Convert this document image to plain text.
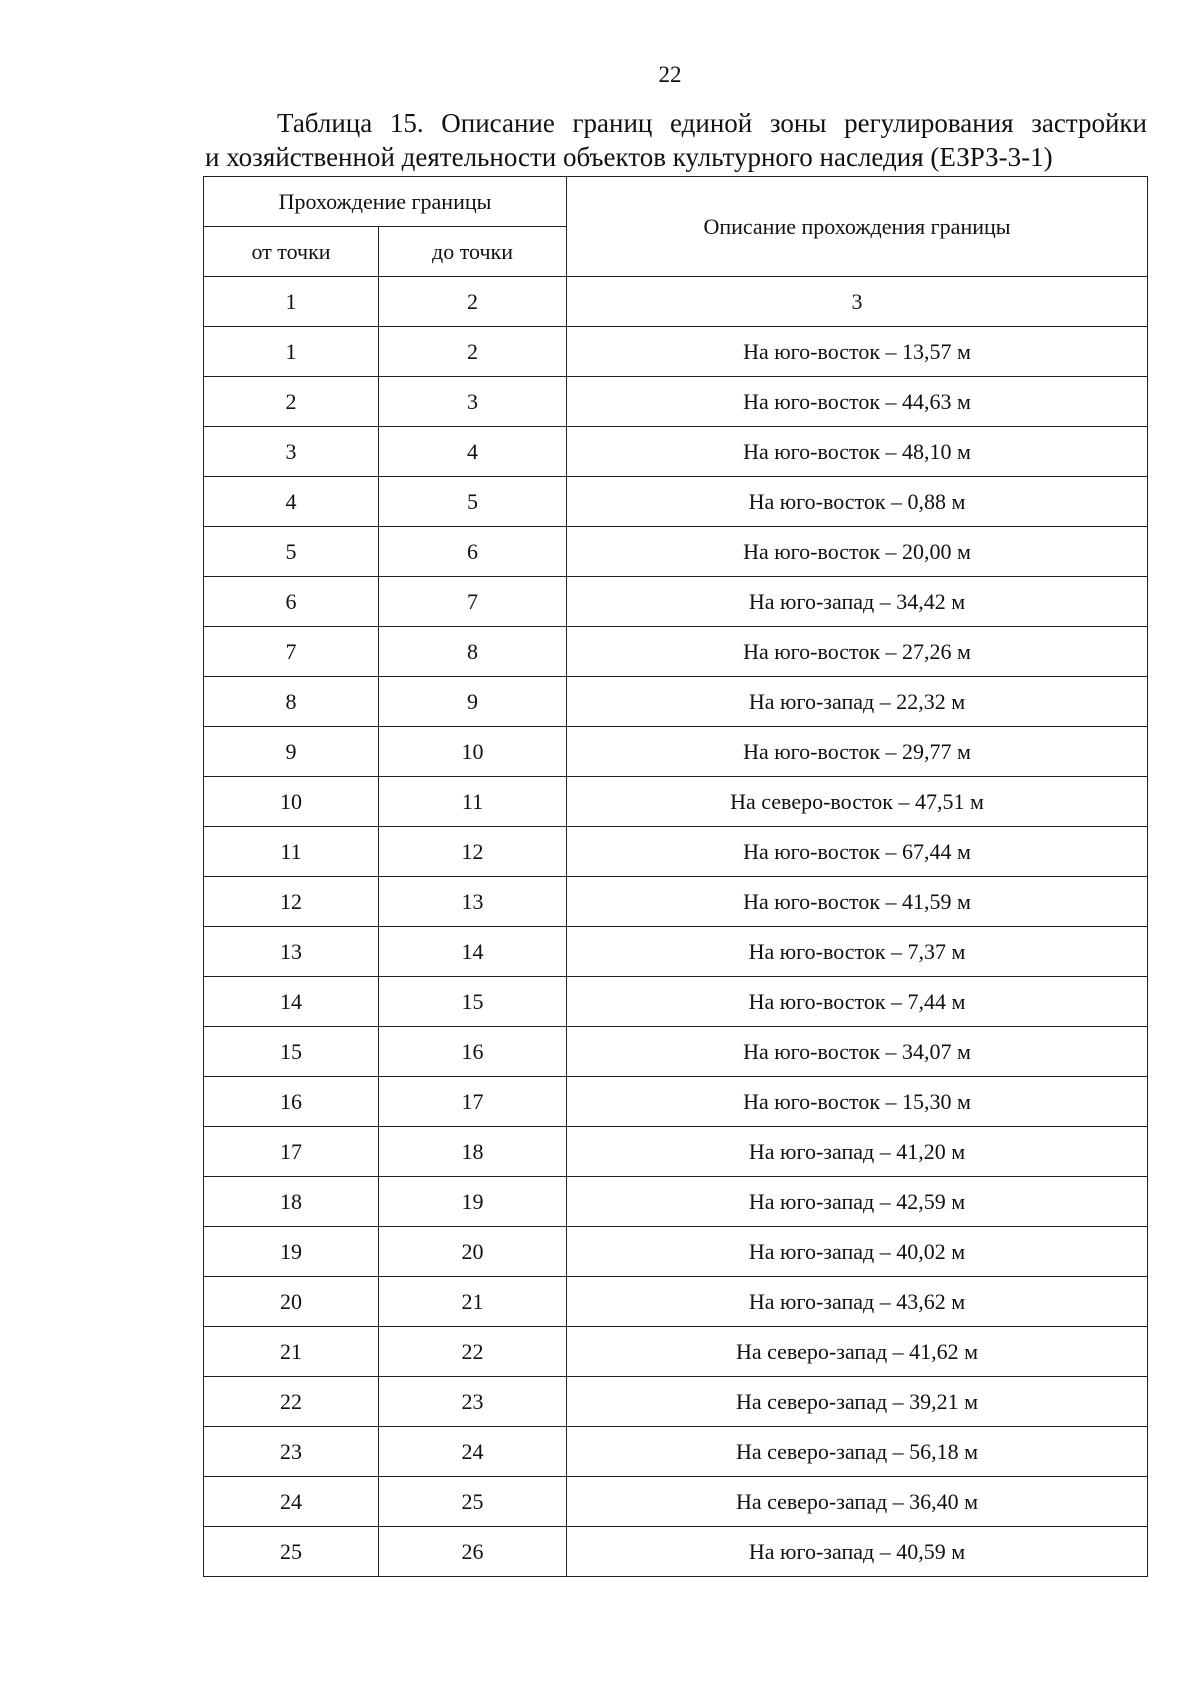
22
Таблица 15. Описание границ единой зоны регулирования застройки
и хозяйственной деятельности объектов культурного наследия (ЕЗРЗ-3-1)
Прохождение границы		Описание прохождения границы
от точки	до точки	
1	2	3
1	2	На юго-восток – 13,57 м
2	3	На юго-восток – 44,63 м
3	4	На юго-восток – 48,10 м
4	5	На юго-восток – 0,88 м
5	6	На юго-восток – 20,00 м
6	7	На юго-запад – 34,42 м
7	8	На юго-восток – 27,26 м
8	9	На юго-запад – 22,32 м
9	10	На юго-восток – 29,77 м
10	11	На северо-восток – 47,51 м
11	12	На юго-восток – 67,44 м
12	13	На юго-восток – 41,59 м
13	14	На юго-восток – 7,37 м
14	15	На юго-восток – 7,44 м
15	16	На юго-восток – 34,07 м
16	17	На юго-восток – 15,30 м
17	18	На юго-запад – 41,20 м
18	19	На юго-запад – 42,59 м
19	20	На юго-запад – 40,02 м
20	21	На юго-запад – 43,62 м
21	22	На северо-запад – 41,62 м
22	23	На северо-запад – 39,21 м
23	24	На северо-запад – 56,18 м
24	25	На северо-запад – 36,40 м
25	26	На юго-запад – 40,59 м
